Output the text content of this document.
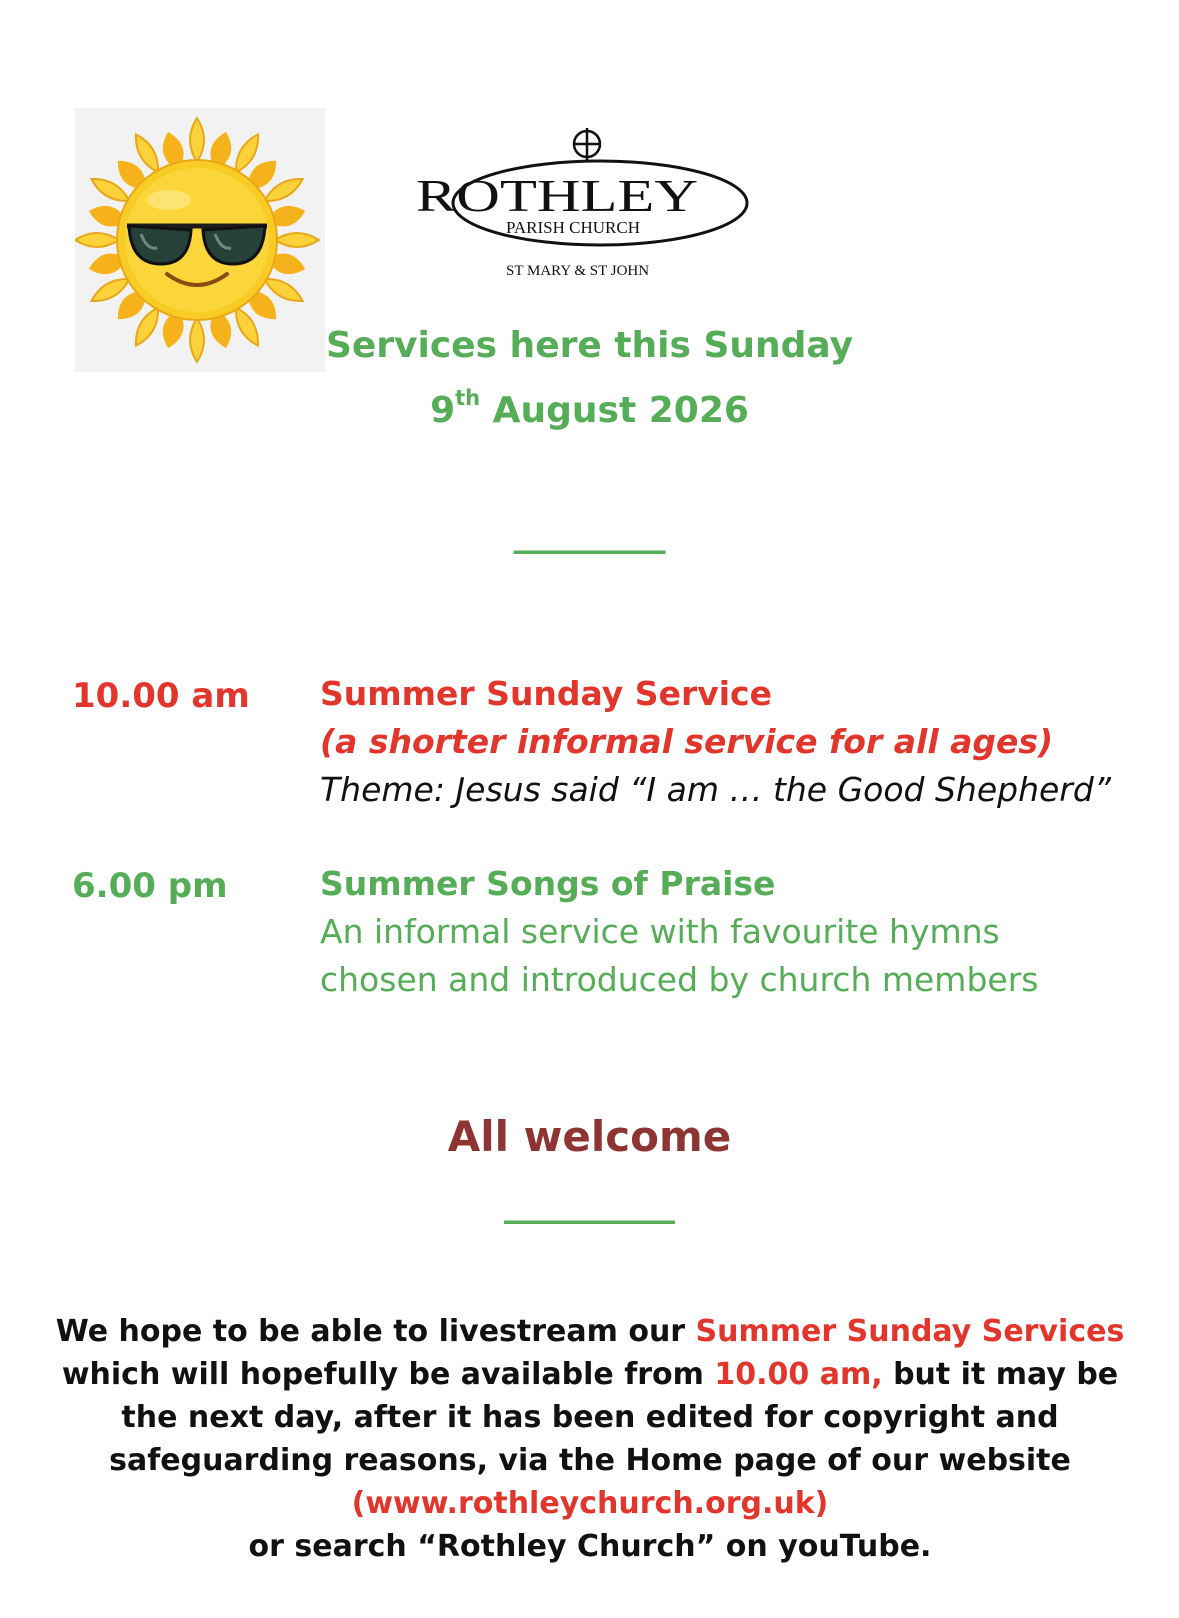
ROTHLEY
PARISH CHURCH
ST MARY & ST JOHN
Services here this Sunday
9th August 2026
________
10.00 am Summer Sunday Service
(a shorter informal service for all ages)
Theme: Jesus said “I am … the Good Shepherd”
6.00 pm	Summer Songs of Praise
An informal service with favourite hymns
chosen and introduced by church members
All welcome
_________
We hope to be able to livestream our Summer Sunday Services
which will hopefully be available from 10.00 am, but it may be
the next day, after it has been edited for copyright and
safeguarding reasons, via the Home page of our website
(www.rothleychurch.org.uk)
or search “Rothley Church” on youTube.
